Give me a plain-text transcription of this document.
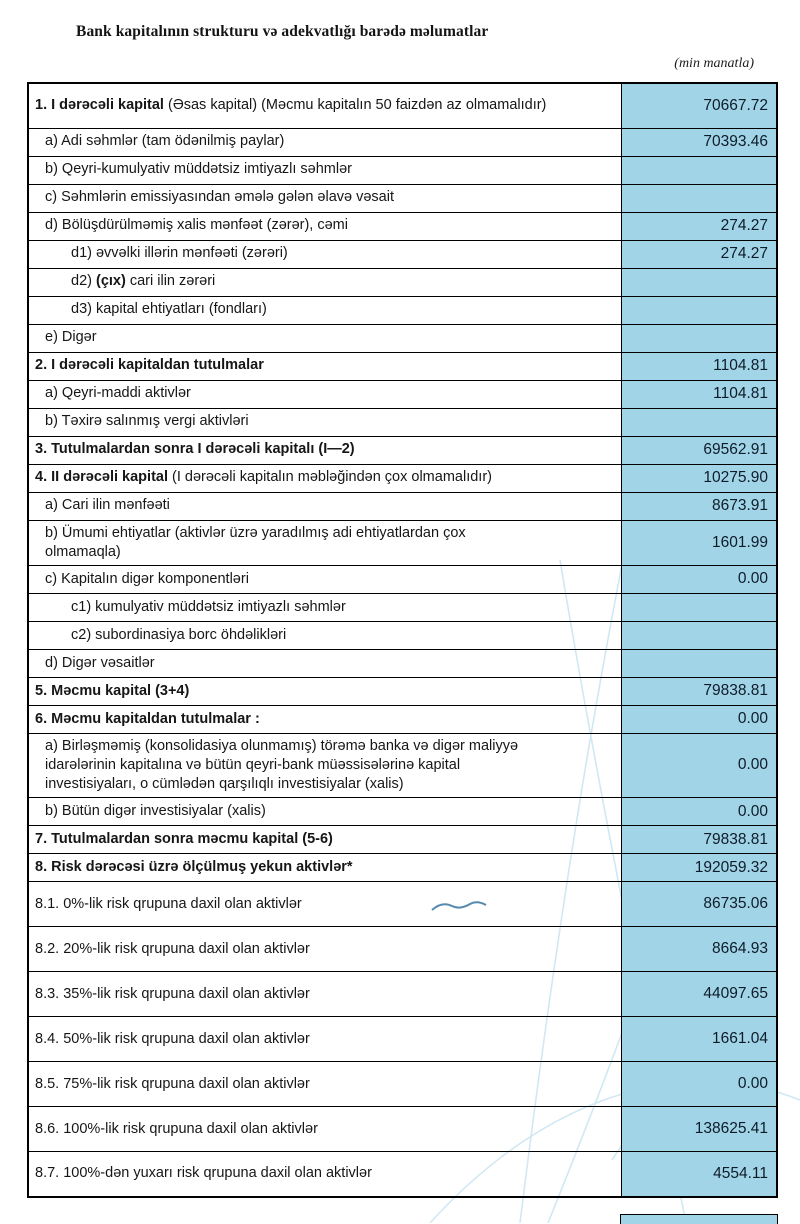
Bank kapitalının strukturu və adekvatlığı barədə məlumatlar
(min manatla)
1. I dərəcəli kapital (Əsas kapital) (Məcmu kapitalın 50 faizdən az olmamalıdır)	70667.72
a) Adi səhmlər (tam ödənilmiş paylar)	70393.46
b) Qeyri-kumulyativ müddətsiz imtiyazlı səhmlər	
c) Səhmlərin emissiyasından əmələ gələn əlavə vəsait	
d) Bölüşdürülməmiş xalis mənfəət (zərər), cəmi	274.27
d1) əvvəlki illərin mənfəəti (zərəri)	274.27
d2) (çıx) cari ilin zərəri	
d3) kapital ehtiyatları (fondları)	
e) Digər	
2. I dərəcəli kapitaldan tutulmalar	1104.81
a) Qeyri-maddi aktivlər	1104.81
b) Təxirə salınmış vergi aktivləri	
3. Tutulmalardan sonra I dərəcəli kapitalı (I—2)	69562.91
4. II dərəcəli kapital (I dərəcəli kapitalın məbləğindən çox olmamalıdır)	10275.90
a) Cari ilin mənfəəti	8673.91
b) Ümumi ehtiyatlar (aktivlər üzrə yaradılmış adi ehtiyatlardan çox
olmamaqla)	1601.99
c) Kapitalın digər komponentləri	0.00
c1) kumulyativ müddətsiz imtiyazlı səhmlər	
c2) subordinasiya borc öhdəlikləri	
d) Digər vəsaitlər	
5. Məcmu kapital (3+4)	79838.81
6. Məcmu kapitaldan tutulmalar :	0.00
a) Birləşməmiş (konsolidasiya olunmamış) törəmə banka və digər maliyyə
idarələrinin kapitalına və bütün qeyri-bank müəssisələrinə kapital
investisiyaları, o cümlədən qarşılıqlı investisiyalar (xalis)	0.00
b) Bütün digər investisiyalar (xalis)	0.00
7. Tutulmalardan sonra məcmu kapital (5-6)	79838.81
8. Risk dərəcəsi üzrə ölçülmuş yekun aktivlər*	192059.32
8.1. 0%-lik risk qrupuna daxil olan aktivlər	86735.06
8.2. 20%-lik risk qrupuna daxil olan aktivlər	8664.93
8.3. 35%-lik risk qrupuna daxil olan aktivlər	44097.65
8.4. 50%-lik risk qrupuna daxil olan aktivlər	1661.04
8.5. 75%-lik risk qrupuna daxil olan aktivlər	0.00
8.6. 100%-lik risk qrupuna daxil olan aktivlər	138625.41
8.7. 100%-dən yuxarı risk qrupuna daxil olan aktivlər	4554.11
